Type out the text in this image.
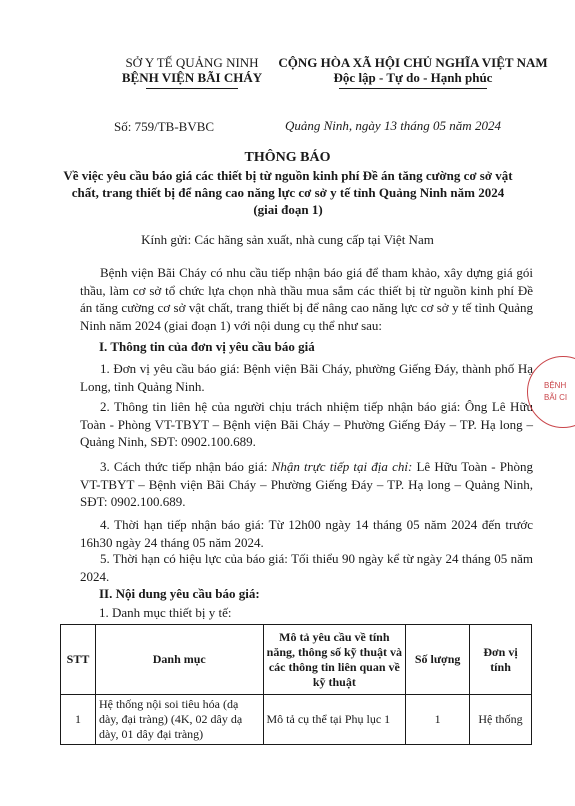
SỞ Y TẾ QUẢNG NINH
BỆNH VIỆN BÃI CHÁY
CỘNG HÒA XÃ HỘI CHỦ NGHĨA VIỆT NAM
Độc lập - Tự do - Hạnh phúc
Số: 759/TB-BVBC	Quảng Ninh, ngày 13 tháng 05 năm 2024
THÔNG BÁO
Về việc yêu cầu báo giá các thiết bị từ nguồn kinh phí Đề án tăng cường cơ sở vật chất, trang thiết bị để nâng cao năng lực cơ sở y tế tỉnh Quảng Ninh năm 2024 (giai đoạn 1)
Kính gửi: Các hãng sản xuất, nhà cung cấp tại Việt Nam
Bệnh viện Bãi Cháy có nhu cầu tiếp nhận báo giá để tham khảo, xây dựng giá gói thầu, làm cơ sở tổ chức lựa chọn nhà thầu mua sắm các thiết bị từ nguồn kinh phí Đề án tăng cường cơ sở vật chất, trang thiết bị để nâng cao năng lực cơ sở y tế tỉnh Quảng Ninh năm 2024 (giai đoạn 1) với nội dung cụ thể như sau:
I. Thông tin của đơn vị yêu cầu báo giá
1. Đơn vị yêu cầu báo giá: Bệnh viện Bãi Cháy, phường Giếng Đáy, thành phố Hạ Long, tỉnh Quảng Ninh.
2. Thông tin liên hệ của người chịu trách nhiệm tiếp nhận báo giá: Ông Lê Hữu Toàn - Phòng VT-TBYT – Bệnh viện Bãi Cháy – Phường Giếng Đáy – TP. Hạ long – Quảng Ninh, SĐT: 0902.100.689.
3. Cách thức tiếp nhận báo giá: Nhận trực tiếp tại địa chỉ: Lê Hữu Toàn - Phòng VT-TBYT – Bệnh viện Bãi Cháy – Phường Giếng Đáy – TP. Hạ long – Quảng Ninh, SĐT: 0902.100.689.
4. Thời hạn tiếp nhận báo giá: Từ 12h00 ngày 14 tháng 05 năm 2024 đến trước 16h30 ngày 24 tháng 05 năm 2024.
5. Thời hạn có hiệu lực của báo giá: Tối thiểu 90 ngày kể từ ngày 24 tháng 05 năm 2024.
II. Nội dung yêu cầu báo giá:
1. Danh mục thiết bị y tế:
STT	Danh mục	Mô tả yêu cầu về tính năng, thông số kỹ thuật và các thông tin liên quan về kỹ thuật	Số lượng	Đơn vị tính
1	Hệ thống nội soi tiêu hóa (dạ dày, đại tràng) (4K, 02 dây dạ dày, 01 dây đại tràng)	Mô tả cụ thể tại Phụ lục 1	1	Hệ thống
BỆNH
BÃI CI
